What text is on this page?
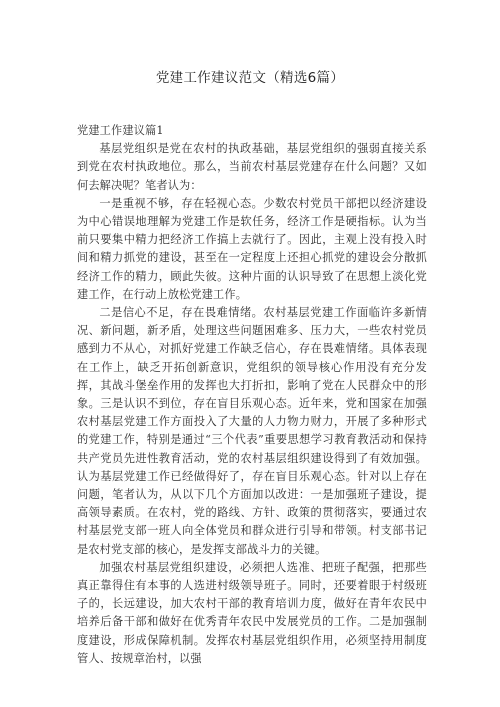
党建工作建议范文（精选6篇）

党建工作建议篇1

基层党组织是党在农村的执政基础，基层党组织的强弱直接关系到党在农村执政地位。那么，当前农村基层党建存在什么问题？又如何去解决呢？笔者认为：

一是重视不够，存在轻视心态。少数农村党员干部把以经济建设为中心错误地理解为党建工作是软任务，经济工作是硬指标。认为当前只要集中精力把经济工作搞上去就行了。因此，主观上没有投入时间和精力抓党的建设，甚至在一定程度上还担心抓党的建设会分散抓经济工作的精力，顾此失彼。这种片面的认识导致了在思想上淡化党建工作，在行动上放松党建工作。

二是信心不足，存在畏难情绪。农村基层党建工作面临许多新情况、新问题，新矛盾，处理这些问题困难多、压力大，一些农村党员感到力不从心，对抓好党建工作缺乏信心，存在畏难情绪。具体表现在工作上，缺乏开拓创新意识，党组织的领导核心作用没有充分发挥，其战斗堡垒作用的发挥也大打折扣，影响了党在人民群众中的形象。三是认识不到位，存在盲目乐观心态。近年来，党和国家在加强农村基层党建工作方面投入了大量的人力物力财力，开展了多种形式的党建工作，特别是通过“三个代表”重要思想学习教育教活动和保持共产党员先进性教育活动，党的农村基层组织建设得到了有效加强。认为基层党建工作已经做得好了，存在盲目乐观心态。针对以上存在问题，笔者认为，从以下几个方面加以改进：一是加强班子建设，提高领导素质。在农村，党的路线、方针、政策的贯彻落实，要通过农村基层党支部一班人向全体党员和群众进行引导和带领。村支部书记是农村党支部的核心，是发挥支部战斗力的关键。

加强农村基层党组织建设，必须把人选准、把班子配强，把那些真正靠得住有本事的人选进村级领导班子。同时，还要着眼于村级班子的，长远建设，加大农村干部的教育培训力度，做好在青年农民中培养后备干部和做好在优秀青年农民中发展党员的工作。二是加强制度建设，形成保障机制。发挥农村基层党组织作用，必须坚持用制度管人、按规章治村，以强
